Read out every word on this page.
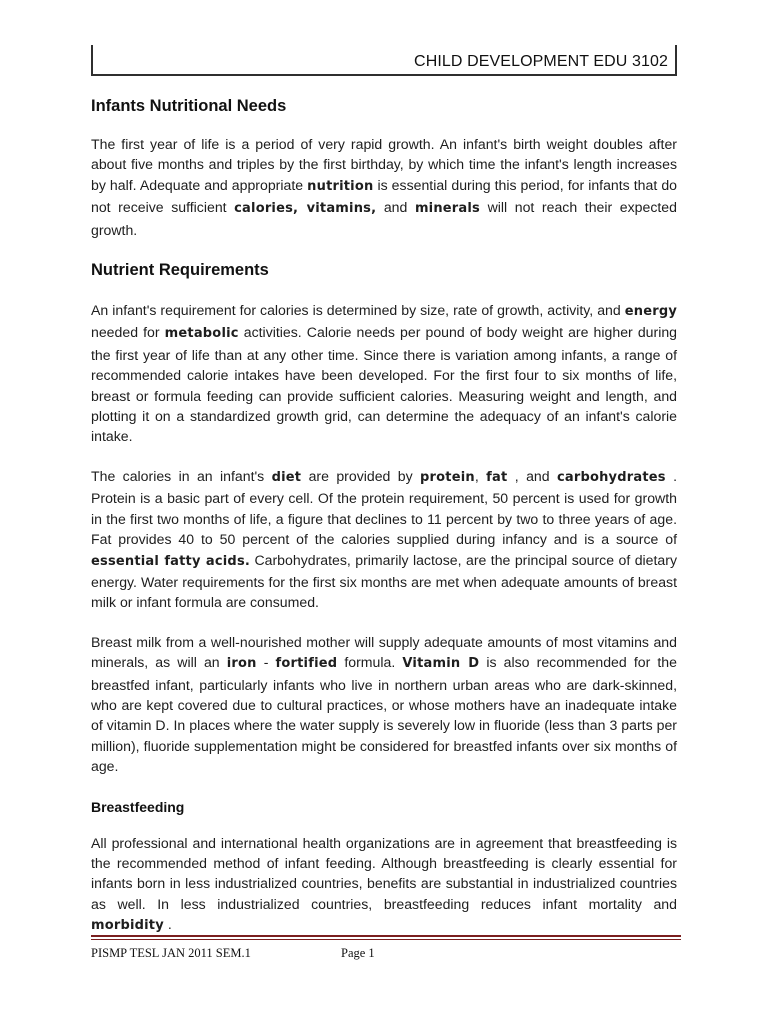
CHILD DEVELOPMENT EDU 3102
Infants Nutritional Needs

The first year of life is a period of very rapid growth. An infant's birth weight doubles after about five months and triples by the first birthday, by which time the infant's length increases by half. Adequate and appropriate nutrition is essential during this period, for infants that do not receive sufficient calories, vitamins, and minerals will not reach their expected growth.

Nutrient Requirements

An infant's requirement for calories is determined by size, rate of growth, activity, and energy needed for metabolic activities. Calorie needs per pound of body weight are higher during the first year of life than at any other time. Since there is variation among infants, a range of recommended calorie intakes have been developed. For the first four to six months of life, breast or formula feeding can provide sufficient calories. Measuring weight and length, and plotting it on a standardized growth grid, can determine the adequacy of an infant's calorie intake.

The calories in an infant's diet are provided by protein, fat , and carbohydrates . Protein is a basic part of every cell. Of the protein requirement, 50 percent is used for growth in the first two months of life, a figure that declines to 11 percent by two to three years of age. Fat provides 40 to 50 percent of the calories supplied during infancy and is a source of essential fatty acids. Carbohydrates, primarily lactose, are the principal source of dietary energy. Water requirements for the first six months are met when adequate amounts of breast milk or infant formula are consumed.

Breast milk from a well-nourished mother will supply adequate amounts of most vitamins and minerals, as will an iron - fortified formula. Vitamin D is also recommended for the breastfed infant, particularly infants who live in northern urban areas who are dark-skinned, who are kept covered due to cultural practices, or whose mothers have an inadequate intake of vitamin D. In places where the water supply is severely low in fluoride (less than 3 parts per million), fluoride supplementation might be considered for breastfed infants over six months of age.

Breastfeeding

All professional and international health organizations are in agreement that breastfeeding is the recommended method of infant feeding. Although breastfeeding is clearly essential for infants born in less industrialized countries, benefits are substantial in industrialized countries as well. In less industrialized countries, breastfeeding reduces infant mortality and morbidity .

PISMP TESL JAN 2011 SEM.1	Page 1
